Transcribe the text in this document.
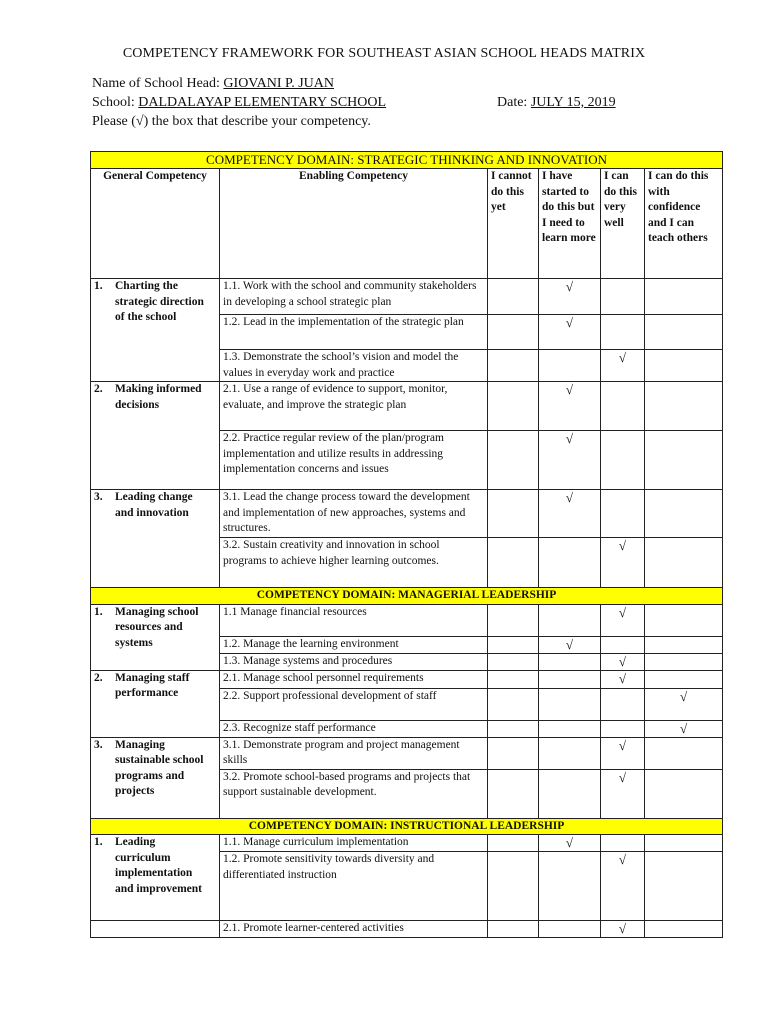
COMPETENCY FRAMEWORK FOR SOUTHEAST ASIAN SCHOOL HEADS MATRIX
Name of School Head: GIOVANI P. JUAN
School: DALDALAYAP ELEMENTARY SCHOOL	Date: JULY 15, 2019
Please (√) the box that describe your competency.
COMPETENCY DOMAIN: STRATEGIC THINKING AND INNOVATION					
General Competency	Enabling Competency	I cannot do this yet	I have started to do this but I need to learn more	I can do this very well	I can do this with confidence and I can teach others
1. Charting the strategic direction of the school	1.1. Work with the school and community stakeholders in developing a school strategic plan		√		
	1.2. Lead in the implementation of the strategic plan		√		
	1.3. Demonstrate the school’s vision and model the values in everyday work and practice			√	
2. Making informed decisions	2.1. Use a range of evidence to support, monitor, evaluate, and improve the strategic plan		√		
	2.2. Practice regular review of the plan/program implementation and utilize results in addressing implementation concerns and issues		√		
3. Leading change and innovation	3.1. Lead the change process toward the development and implementation of new approaches, systems and structures.		√		
	3.2. Sustain creativity and innovation in school programs to achieve higher learning outcomes.			√	
COMPETENCY DOMAIN: MANAGERIAL LEADERSHIP					
1. Managing school resources and systems	1.1 Manage financial resources			√	
	1.2. Manage the learning environment		√		
	1.3. Manage systems and procedures			√	
2. Managing staff performance	2.1. Manage school personnel requirements			√	
	2.2. Support professional development of staff				√
	2.3. Recognize staff performance				√
3. Managing sustainable school programs and projects	3.1. Demonstrate program and project management skills			√	
	3.2. Promote school-based programs and projects that support sustainable development.			√	
COMPETENCY DOMAIN: INSTRUCTIONAL LEADERSHIP					
1. Leading curriculum implementation and improvement	1.1. Manage curriculum implementation		√		
	1.2. Promote sensitivity towards diversity and differentiated instruction			√	
	2.1. Promote learner-centered activities			√	
